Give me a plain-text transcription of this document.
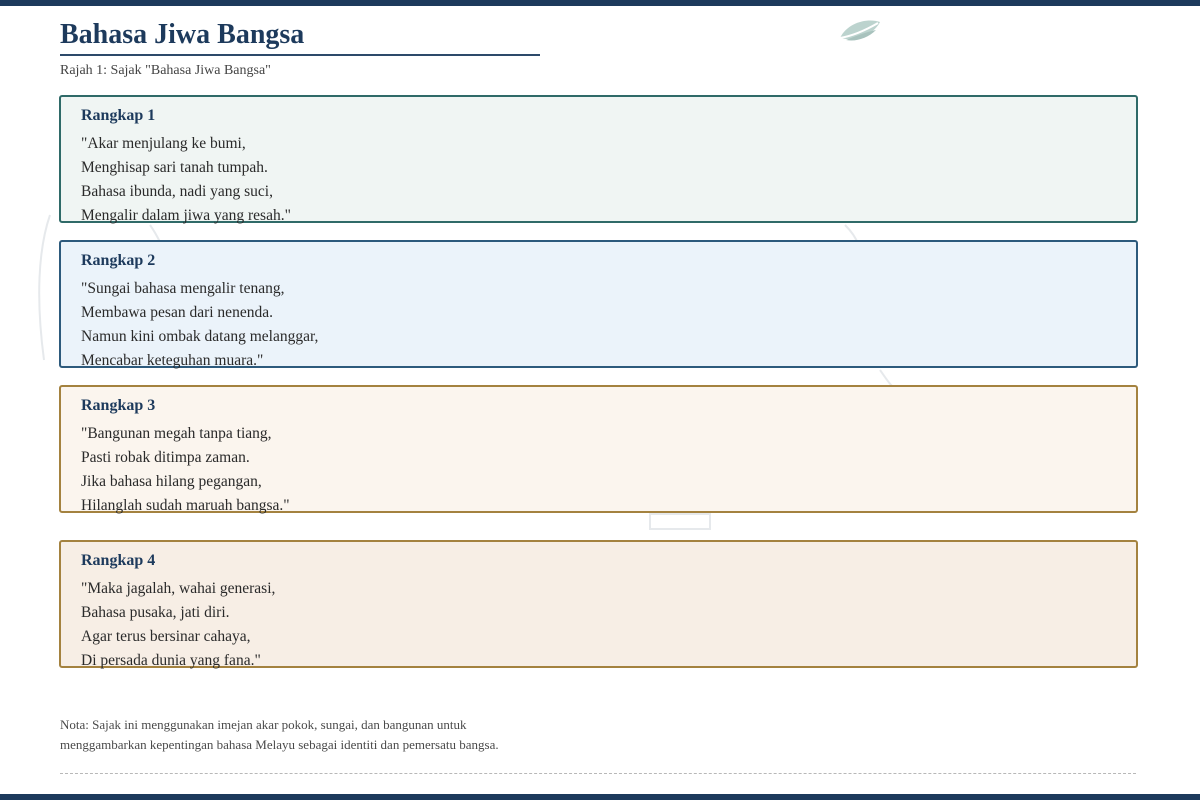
Bahasa Jiwa Bangsa
Rajah 1: Sajak "Bahasa Jiwa Bangsa"
Rangkap 1
"Akar menjulang ke bumi,
Menghisap sari tanah tumpah.
Bahasa ibunda, nadi yang suci,
Mengalir dalam jiwa yang resah."
Rangkap 2
"Sungai bahasa mengalir tenang,
Membawa pesan dari nenenda.
Namun kini ombak datang melanggar,
Mencabar keteguhan muara."
Rangkap 3
"Bangunan megah tanpa tiang,
Pasti robak ditimpa zaman.
Jika bahasa hilang pegangan,
Hilanglah sudah maruah bangsa."
Rangkap 4
"Maka jagalah, wahai generasi,
Bahasa pusaka, jati diri.
Agar terus bersinar cahaya,
Di persada dunia yang fana."
Nota: Sajak ini menggunakan imejan akar pokok, sungai, dan bangunan untuk
menggambarkan kepentingan bahasa Melayu sebagai identiti dan pemersatu bangsa.
